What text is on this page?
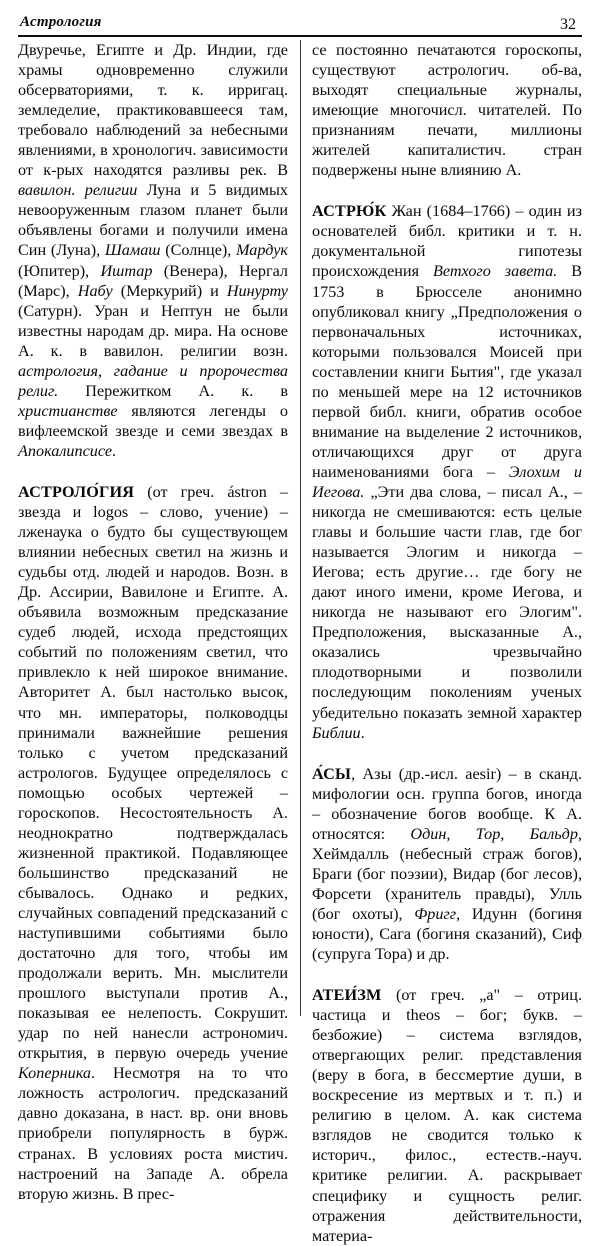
Астрология	32

Двуречье, Египте и Др. Индии, где храмы одновременно служили обсерваториями, т. к. ирригац. земледелие, практиковавшееся там, требовало наблюдений за небесными явлениями, в хронологич. зависимости от к-рых находятся разливы рек. В вавилон. религии Луна и 5 видимых невооруженным глазом планет были объявлены богами и получили имена Син (Луна), Шамаш (Солнце), Мардук (Юпитер), Иштар (Венера), Нергал (Марс), Набу (Меркурий) и Нинурту (Сатурн). Уран и Нептун не были известны народам др. мира. На основе А. к. в вавилон. религии возн. астрология, гадание и пророчества религ. Пережитком А. к. в христианстве являются легенды о вифлеемской звезде и семи звездах в Апокалипсисе.

АСТРОЛО́ГИЯ (от греч. ástron – звезда и logos – слово, учение) – лженаука о будто бы существующем влиянии небесных светил на жизнь и судьбы отд. людей и народов. Возн. в Др. Ассирии, Вавилоне и Египте. А. объявила возможным предсказание судеб людей, исхода предстоящих событий по положениям светил, что привлекло к ней широкое внимание. Авторитет А. был настолько высок, что мн. императоры, полководцы принимали важнейшие решения только с учетом предсказаний астрологов. Будущее определялось с помощью особых чертежей – гороскопов. Несостоятельность А. неоднократно подтверждалась жизненной практикой. Подавляющее большинство предсказаний не сбывалось. Однако и редких, случайных совпадений предсказаний с наступившими событиями было достаточно для того, чтобы им продолжали верить. Мн. мыслители прошлого выступали против А., показывая ее нелепость. Сокрушит. удар по ней нанесли астрономич. открытия, в первую очередь учение Коперника. Несмотря на то что ложность астрологич. предсказаний давно доказана, в наст. вр. они вновь приобрели популярность в бурж. странах. В условиях роста мистич. настроений на Западе А. обрела вторую жизнь. В прес-

се постоянно печатаются гороскопы, существуют астрологич. об-ва, выходят специальные журналы, имеющие многочисл. читателей. По признаниям печати, миллионы жителей капиталистич. стран подвержены ныне влиянию А.

АСТРЮ́К Жан (1684–1766) – один из основателей библ. критики и т. н. документальной гипотезы происхождения Ветхого завета. В 1753 в Брюсселе анонимно опубликовал книгу „Предположения о первоначальных источниках, которыми пользовался Моисей при составлении книги Бытия", где указал по меньшей мере на 12 источников первой библ. книги, обратив особое внимание на выделение 2 источников, отличающихся друг от друга наименованиями бога – Элохим и Иегова. „Эти два слова, – писал А., – никогда не смешиваются: есть целые главы и большие части глав, где бог называется Элогим и никогда – Иегова; есть другие… где богу не дают иного имени, кроме Иегова, и никогда не называют его Элогим". Предположения, высказанные А., оказались чрезвычайно плодотворными и позволили последующим поколениям ученых убедительно показать земной характер Библии.

А́СЫ, Азы (др.-исл. aesir) – в сканд. мифологии осн. группа богов, иногда – обозначение богов вообще. К А. относятся: Один, Тор, Бальдр, Хеймдалль (небесный страж богов), Браги (бог поэзии), Видар (бог лесов), Форсети (хранитель правды), Улль (бог охоты), Фригг, Идунн (богиня юности), Сага (богиня сказаний), Сиф (супруга Тора) и др.

АТЕИ́ЗМ (от греч. „а" – отриц. частица и theos – бог; букв. – безбожие) – система взглядов, отвергающих религ. представления (веру в бога, в бессмертие души, в воскресение из мертвых и т. п.) и религию в целом. А. как система взглядов не сводится только к историч., филос., естеств.-науч. критике религии. А. раскрывает специфику и сущность религ. отражения действительности, материа-
